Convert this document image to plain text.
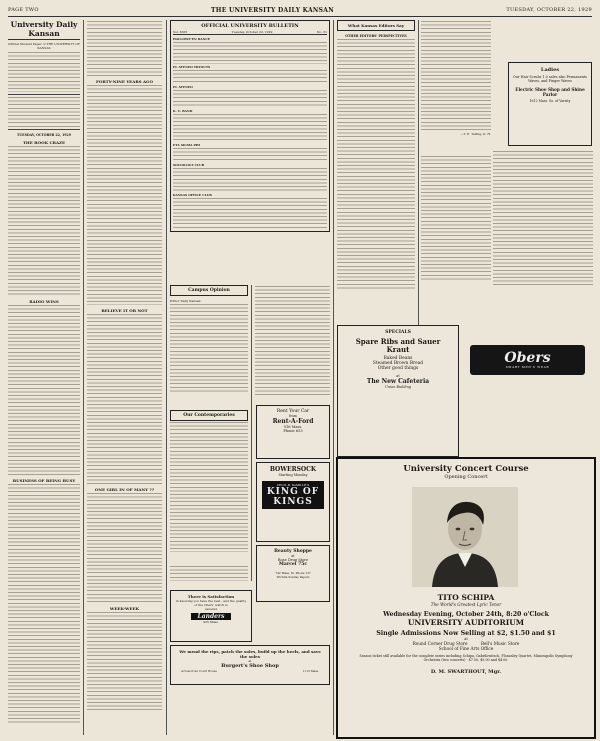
PAGE TWO	THE UNIVERSITY DAILY KANSAN	TUESDAY, OCTOBER 22, 1929
University Daily Kansan
Official Student Paper of THE UNIVERSITY OF KANSAS
TUESDAY, OCTOBER 22, 1929
THE BOOK CRAZE
RADIO WINS
BUSINESS OF BEING BUSY
FORTY-NINE YEARS AGO
BELIEVE IT OR NOT
ONE GIRL IN OF MANY ??
WEEK-WEEK
OFFICIAL UNIVERSITY BULLETIN
Vol. XXVI	Tuesday, October 22, 1929	No. 31
HALLOWE'EN DANCE
EL ATENEO TRYOUTS
EL ATENEO
K. U. BAND
ETA SIGMA PHI
SOCIOLOGY CLUB
KANSAS OFFICE CLUB
Campus Opinion
Editor Daily Kansan:
Our Contemporaries
Rent Your Car
from
Rent-A-Ford
916 Mass.
Phone 653
BOWERSOCK
Starting Monday
CECIL B. DeMILLE'S
KING OF KINGS
Beauty Shoppe
at
Rose Drug Store
Marcel 75c
742 Mass. St. Phone 137
Wichita Sunday Papers
There is Satisfaction
in knowing you have the best - and the quality of the Obers' watch is
assured
Landers
925 Mass.
We mend the rips, patch the soles, build up the heels, and save the soles
at
Burgert's Shoe Shop
Across from Court House	1113 Mass.
What Kansas Editors Say
OTHER EDITORS' PERSPECTIVES
—T. E. Telling, K. H.
Ladies
Our Hair Scrubs 1.0 sales also Permanents Waves, and Finger Waves
Electric Shoe Shop and Shine Parlor
1612 Mass. So. of Varsity
SPECIALS
Spare Ribs and Sauer Kraut
Baked Beans
Steamed Brown Bread
Other good things
at
The New Cafeteria
Union Building
Obers
SMART MEN'S WEAR
University Concert Course
Opening Concert
TITO SCHIPA
The World's Greatest Lyric Tenor
Wednesday Evening, October 24th, 8:20 o'Clock
UNIVERSITY AUDITORIUM
Single Admissions Now Selling at $2, $1.50 and $1
at
Round Corner Drug Store          Bell's Music Store
School of Fine Arts Office
Season ticket still available for the complete series including Schipa, Gabrilowitsch, Flonzaley Quartet, Minneapolis Symphony Orchestra (two concerts) - $7.50, $5.00 and $4.00.
D. M. SWARTHOUT, Mgr.
